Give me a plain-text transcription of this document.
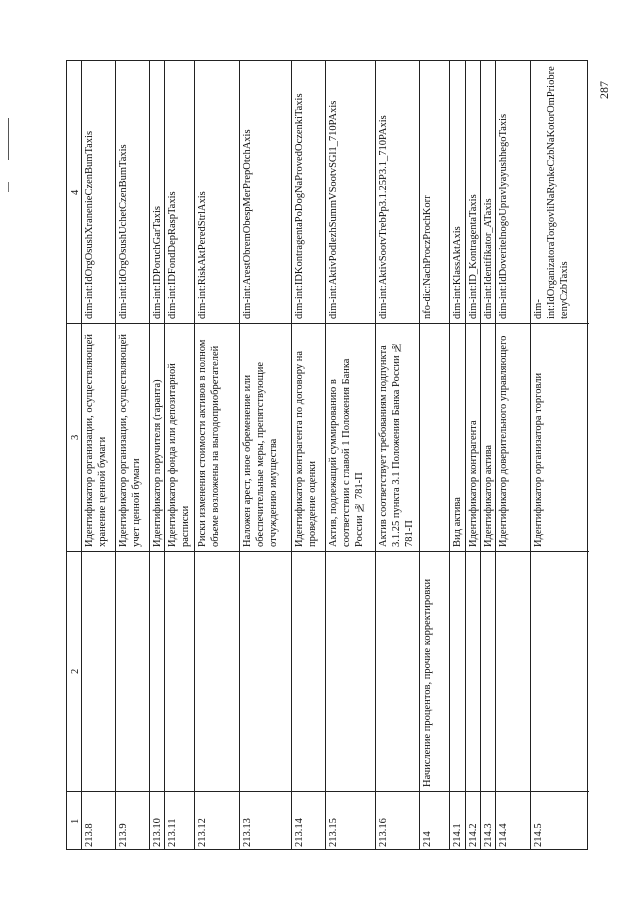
287
4
3
2
1
213.8
Идентификатор организации, осуществляющей хранение ценной бумаги
dim-int:IdOrgOsushXranenieCzenBumTaxis
213.9
Идентификатор организации, осуществляющей учет ценной бумаги
dim-int:IdOrgOsushUchetCzenBumTaxis
213.10
Идентификатор поручителя (гаранта)
dim-int:IDPoruchGarTaxis
213.11
Идентификатор фонда или депозитарной расписки
dim-int:IDFondDepRaspTaxis
213.12
Риски изменения стоимости активов в полном объеме возложены на выгодоприобретателей
dim-int:RiskAktPeredStrlAxis
213.13
Наложен арест, иное обременение или обеспечительные меры, препятствующие отчуждению имущества
dim-int:ArestObremObespMerPrepOtchAxis
213.14
Идентификатор контрагента по договору на проведение оценки
dim-int:IDKontragentaPoDogNaProvedOczenkiTaxis
213.15
Актив, подлежащий суммированию в соответствии с главой 1 Положения Банка России № 781-П
dim-int:AktivPodlezhSummVSootvSGl1_710PAxis
213.16
Актив соответствует требованиям подпункта 3.1.25 пункта 3.1 Положения Банка России № 781-П
dim-int:AktivSootvTrebPp3.1.25P3.1_710PAxis
214
Начисление процентов, прочие корректировки
nfo-dic:NachProczProchKorr
214.1
Вид актива
dim-int:KlassAktAxis
214.2
Идентификатор контрагента
dim-int:ID_KontragentaTaxis
214.3
Идентификатор актива
dim-int:Identifikator_ATaxis
214.4
Идентификатор доверительного управляющего
dim-int:IdDoveritelnogoUpravlyayushhegoTaxis
214.5
Идентификатор организатора торговли
dim-int:IdOrganizatoraTorgovliNaRynkeCzbNaKotorOmPriobretenyCzbTaxis
